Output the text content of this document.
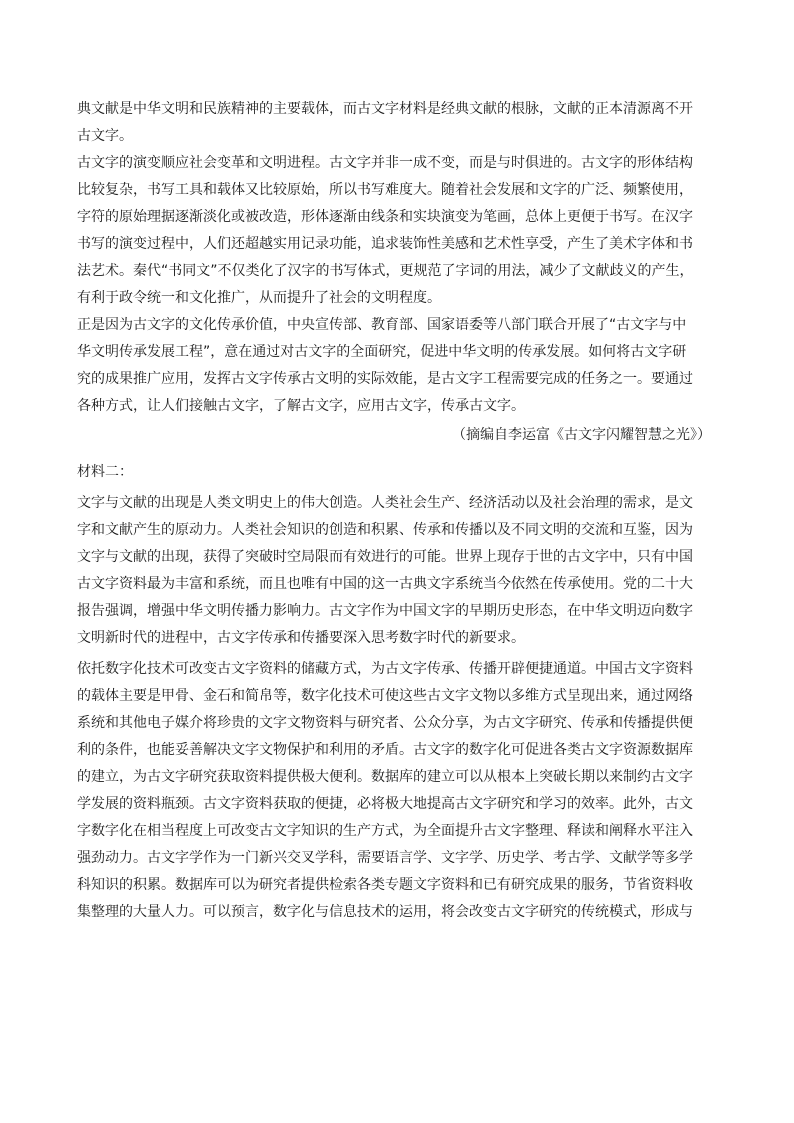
典文献是中华文明和民族精神的主要载体，而古文字材料是经典文献的根脉，文献的正本清源离不开
古文字。
古文字的演变顺应社会变革和文明进程。古文字并非一成不变，而是与时俱进的。古文字的形体结构
比较复杂，书写工具和载体又比较原始，所以书写难度大。随着社会发展和文字的广泛、频繁使用，
字符的原始理据逐渐淡化或被改造，形体逐渐由线条和实块演变为笔画，总体上更便于书写。在汉字
书写的演变过程中，人们还超越实用记录功能，追求装饰性美感和艺术性享受，产生了美术字体和书
法艺术。秦代“书同文”不仅类化了汉字的书写体式，更规范了字词的用法，减少了文献歧义的产生，
有利于政令统一和文化推广，从而提升了社会的文明程度。
正是因为古文字的文化传承价值，中央宣传部、教育部、国家语委等八部门联合开展了“古文字与中
华文明传承发展工程”，意在通过对古文字的全面研究，促进中华文明的传承发展。如何将古文字研
究的成果推广应用，发挥古文字传承古文明的实际效能，是古文字工程需要完成的任务之一。要通过
各种方式，让人们接触古文字，了解古文字，应用古文字，传承古文字。

（摘编自李运富《古文字闪耀智慧之光》）

材料二：

文字与文献的出现是人类文明史上的伟大创造。人类社会生产、经济活动以及社会治理的需求，是文
字和文献产生的原动力。人类社会知识的创造和积累、传承和传播以及不同文明的交流和互鉴，因为
文字与文献的出现，获得了突破时空局限而有效进行的可能。世界上现存于世的古文字中，只有中国
古文字资料最为丰富和系统，而且也唯有中国的这一古典文字系统当今依然在传承使用。党的二十大
报告强调，增强中华文明传播力影响力。古文字作为中国文字的早期历史形态，在中华文明迈向数字
文明新时代的进程中，古文字传承和传播要深入思考数字时代的新要求。
依托数字化技术可改变古文字资料的储藏方式，为古文字传承、传播开辟便捷通道。中国古文字资料
的载体主要是甲骨、金石和简帛等，数字化技术可使这些古文字文物以多维方式呈现出来，通过网络
系统和其他电子媒介将珍贵的文字文物资料与研究者、公众分享，为古文字研究、传承和传播提供便
利的条件，也能妥善解决文字文物保护和利用的矛盾。古文字的数字化可促进各类古文字资源数据库
的建立，为古文字研究获取资料提供极大便利。数据库的建立可以从根本上突破长期以来制约古文字
学发展的资料瓶颈。古文字资料获取的便捷，必将极大地提高古文字研究和学习的效率。此外，古文
字数字化在相当程度上可改变古文字知识的生产方式，为全面提升古文字整理、释读和阐释水平注入
强劲动力。古文字学作为一门新兴交叉学科，需要语言学、文字学、历史学、考古学、文献学等多学
科知识的积累。数据库可以为研究者提供检索各类专题文字资料和已有研究成果的服务，节省资料收
集整理的大量人力。可以预言，数字化与信息技术的运用，将会改变古文字研究的传统模式，形成与
